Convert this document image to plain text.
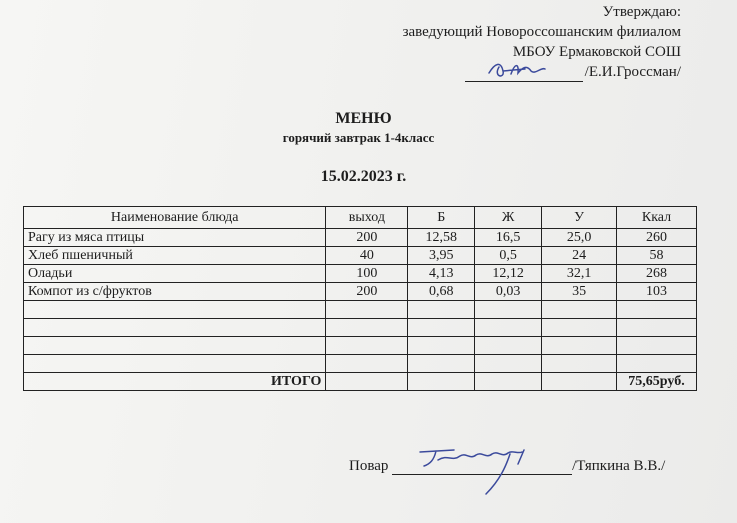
Утверждаю:
заведующий Новороссошанским филиалом
МБОУ Ермаковской СОШ
/Е.И.Гроссман/
МЕНЮ
горячий завтрак 1-4класс
15.02.2023 г.
Наименование блюда	выход	Б	Ж	У	Ккал
Рагу из мяса птицы	200	12,58	16,5	25,0	260
Хлеб пшеничный	40	3,95	0,5	24	58
Оладьи	100	4,13	12,12	32,1	268
Компот из с/фруктов	200	0,68	0,03	35	103

ИТОГО					75,65руб.
Повар	/Тяпкина В.В./
